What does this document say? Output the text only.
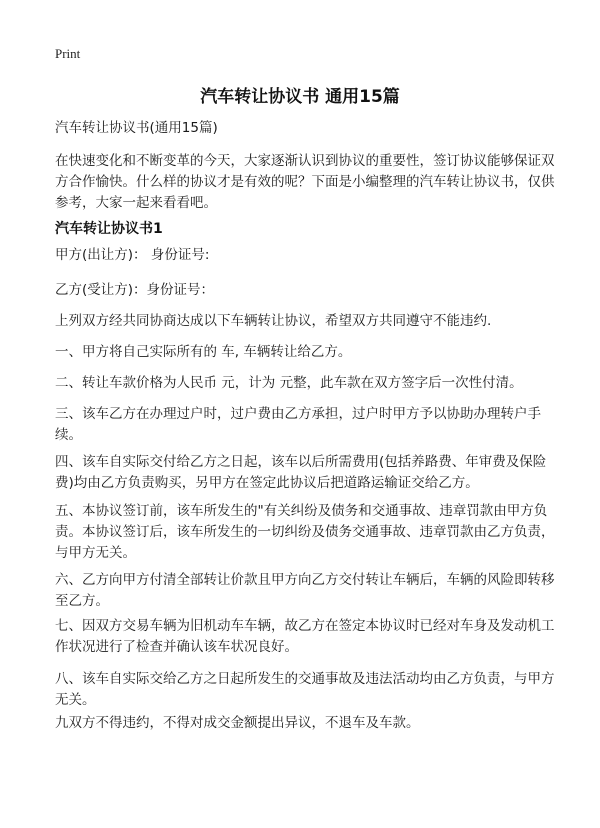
Print
汽车转让协议书 通用15篇

汽车转让协议书(通用15篇)

在快速变化和不断变革的今天，大家逐渐认识到协议的重要性，签订协议能够保证双方合作愉快。什么样的协议才是有效的呢？下面是小编整理的汽车转让协议书，仅供参考，大家一起来看看吧。

汽车转让协议书1

甲方(出让方)： 身份证号:

乙方(受让方)：身份证号：

上列双方经共同协商达成以下车辆转让协议，希望双方共同遵守不能违约.

一、甲方将自己实际所有的 车, 车辆转让给乙方。

二、转让车款价格为人民币 元，计为 元整，此车款在双方签字后一次性付清。

三、该车乙方在办理过户时，过户费由乙方承担，过户时甲方予以协助办理转户手续。

四、该车自实际交付给乙方之日起，该车以后所需费用(包括养路费、年审费及保险费)均由乙方负责购买，另甲方在签定此协议后把道路运输证交给乙方。

五、本协议签订前，该车所发生的"有关纠纷及债务和交通事故、违章罚款由甲方负责。本协议签订后，该车所发生的一切纠纷及债务交通事故、违章罚款由乙方负责，与甲方无关。

六、乙方向甲方付清全部转让价款且甲方向乙方交付转让车辆后，车辆的风险即转移至乙方。

七、因双方交易车辆为旧机动车车辆，故乙方在签定本协议时已经对车身及发动机工作状况进行了检查并确认该车状况良好。

八、该车自实际交给乙方之日起所发生的交通事故及违法活动均由乙方负责，与甲方无关。

九双方不得违约，不得对成交金额提出异议，不退车及车款。
